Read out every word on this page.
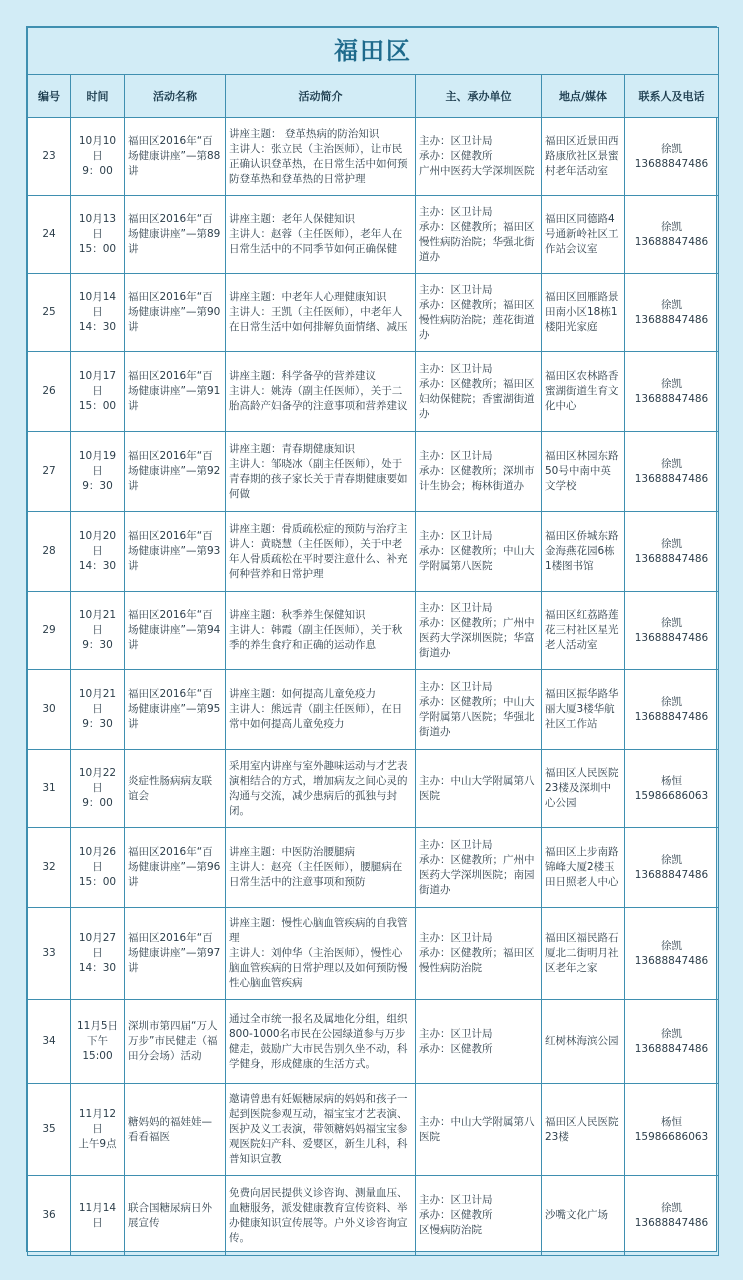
福田区						
编号	时间	活动名称	活动简介	主、承办单位	地点/媒体	联系人及电话
23	10月10日
9：00	福田区2016年“百场健康讲座”—第88讲	讲座主题： 登革热病的防治知识
主讲人：张立民（主治医师），让市民正确认识登革热，在日常生活中如何预防登革热和登革热的日常护理	主办：区卫计局
承办：区健教所
广州中医药大学深圳医院	福田区近景田西路康欣社区景蜜村老年活动室	徐凯
13688847486

24	10月13日
15：00	福田区2016年“百场健康讲座”—第89讲	讲座主题：老年人保健知识
主讲人：赵蓉（主任医师），老年人在日常生活中的不同季节如何正确保健	主办：区卫计局
承办：区健教所；福田区慢性病防治院；华强北街道办	福田区同德路4号通新岭社区工作站会议室	徐凯
13688847486

25	10月14日
14：30	福田区2016年“百场健康讲座”—第90讲	讲座主题：中老年人心理健康知识
主讲人：王凯（主任医师），中老年人在日常生活中如何排解负面情绪、减压	主办：区卫计局
承办：区健教所；福田区慢性病防治院；莲花街道办	福田区回雁路景田南小区18栋1楼阳光家庭	徐凯
13688847486

26	10月17日
15：00	福田区2016年“百场健康讲座”—第91讲	讲座主题：科学备孕的营养建议
主讲人：姚涛（副主任医师），关于二胎高龄产妇备孕的注意事项和营养建议	主办：区卫计局
承办：区健教所；福田区妇幼保健院；香蜜湖街道办	福田区农林路香蜜湖街道生育文化中心	徐凯
13688847486

27	10月19日
9：30	福田区2016年“百场健康讲座”—第92讲	讲座主题：青春期健康知识
主讲人：邹晓冰（副主任医师），处于青春期的孩子家长关于青春期健康要如何做	主办：区卫计局
承办：区健教所；深圳市计生协会；梅林街道办	福田区林园东路50号中南中英文学校	徐凯
13688847486

28	10月20日
14：30	福田区2016年“百场健康讲座”—第93讲	讲座主题：骨质疏松症的预防与治疗主讲人：黄晓慧（主任医师），关于中老年人骨质疏松在平时要注意什么、补充何种营养和日常护理	主办：区卫计局
承办：区健教所；中山大学附属第八医院	福田区侨城东路金海燕花园6栋1楼图书馆	徐凯
13688847486

29	10月21日
9：30	福田区2016年“百场健康讲座”—第94讲	讲座主题：秋季养生保健知识
主讲人：韩霞（副主任医师），关于秋季的养生食疗和正确的运动作息	主办：区卫计局
承办：区健教所；广州中医药大学深圳医院；华富街道办	福田区红荔路莲花三村社区星光老人活动室	徐凯
13688847486

30	10月21日
9：30	福田区2016年“百场健康讲座”—第95讲	讲座主题：如何提高儿童免疫力
主讲人：熊远青（副主任医师），在日常中如何提高儿童免疫力	主办：区卫计局
承办：区健教所；中山大学附属第八医院；华强北街道办	福田区振华路华丽大厦3楼华航社区工作站	徐凯
13688847486

31	10月22日
9：00	炎症性肠病病友联谊会	采用室内讲座与室外趣味运动与才艺表演相结合的方式，增加病友之间心灵的沟通与交流，减少患病后的孤独与封闭。	主办：中山大学附属第八医院	福田区人民医院23楼及深圳中心公园	杨恒
15986686063

32	10月26日
15：00	福田区2016年“百场健康讲座”—第96讲	讲座主题：中医防治腰腿病
主讲人：赵亮（主任医师），腰腿病在日常生活中的注意事项和预防	主办：区卫计局
承办：区健教所；广州中医药大学深圳医院；南园街道办	福田区上步南路锦峰大厦2楼玉田日照老人中心	徐凯
13688847486

33	10月27日
14：30	福田区2016年“百场健康讲座”—第97讲	讲座主题：慢性心脑血管疾病的自我管理
主讲人：刘仲华（主治医师），慢性心脑血管疾病的日常护理以及如何预防慢性心脑血管疾病	主办：区卫计局
承办：区健教所；福田区慢性病防治院	福田区福民路石厦北二街明月社区老年之家	徐凯
13688847486

34	11月5日
下午
15:00	深圳市第四届“万人万步”市民健走（福田分会场）活动	通过全市统一报名及属地化分组，组织800-1000名市民在公园绿道参与万步健走，鼓励广大市民告别久坐不动，科学健身，形成健康的生活方式。	主办：区卫计局
承办：区健教所	红树林海滨公园	徐凯
13688847486

35	11月12日
上午9点	糖妈妈的福娃娃—看看福医	邀请曾患有妊娠糖尿病的妈妈和孩子一起到医院参观互动，福宝宝才艺表演、医护及义工表演，带领糖妈妈福宝宝参观医院妇产科、爱婴区，新生儿科，科普知识宣教	主办：中山大学附属第八医院	福田区人民医院23楼	杨恒
15986686063

36	11月14日	联合国糖尿病日外展宣传	免费向居民提供义诊咨询、测量血压、血糖服务，派发健康教育宣传资料、举办健康知识宣传展等。户外义诊咨询宣传。	主办：区卫计局
承办：区健教所
区慢病防治院	沙嘴文化广场	徐凯
13688847486
